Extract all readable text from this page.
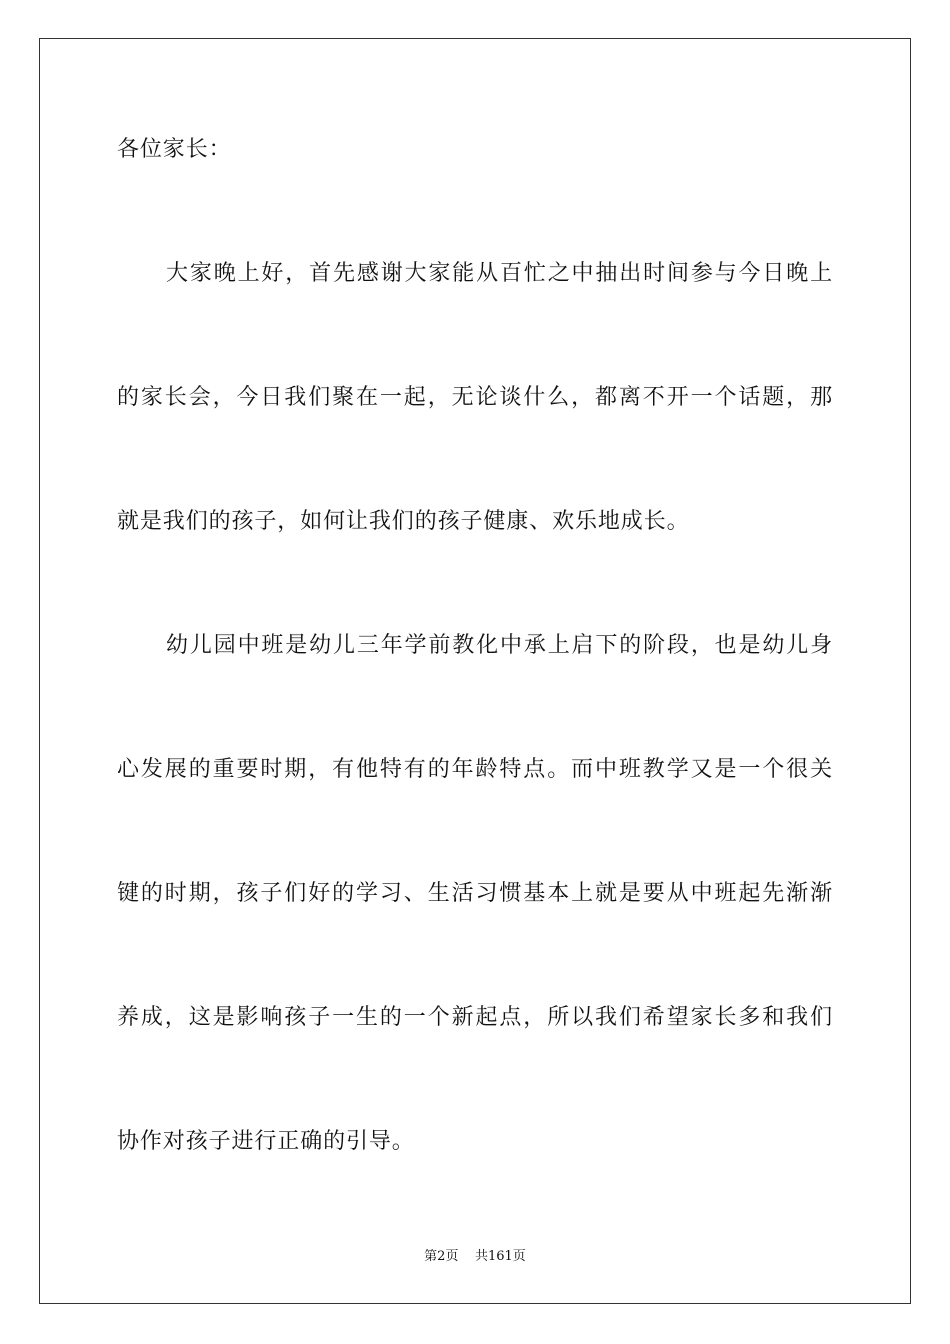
各位家长：
大家晚上好，首先感谢大家能从百忙之中抽出时间参与今日晚上
的家长会，今日我们聚在一起，无论谈什么，都离不开一个话题，那
就是我们的孩子，如何让我们的孩子健康、欢乐地成长。
幼儿园中班是幼儿三年学前教化中承上启下的阶段，也是幼儿身
心发展的重要时期，有他特有的年龄特点。而中班教学又是一个很关
键的时期，孩子们好的学习、生活习惯基本上就是要从中班起先渐渐
养成，这是影响孩子一生的一个新起点，所以我们希望家长多和我们
协作对孩子进行正确的引导。
第2页 共161页
